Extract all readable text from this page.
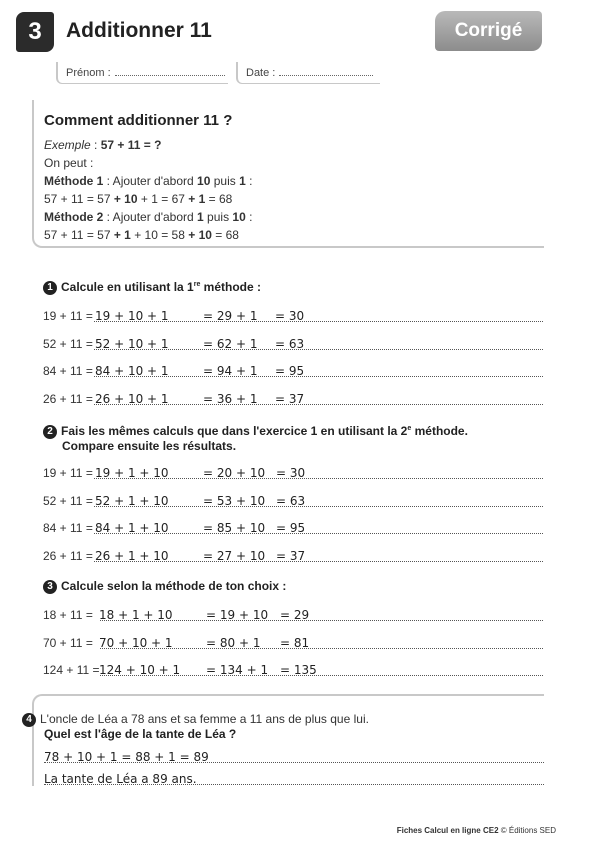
3 Additionner 11	Corrigé
Prénom :	Date :
Comment additionner 11 ?
Exemple : 57 + 11 = ?
On peut :
Méthode 1 : Ajouter d'abord 10 puis 1 :
57 + 11 = 57 + 10 + 1 = 67 + 1 = 68
Méthode 2 : Ajouter d'abord 1 puis 10 :
57 + 11 = 57 + 1 + 10 = 58 + 10 = 68
1 Calcule en utilisant la 1re méthode :
19 + 11 = 19 + 10 + 1	= 29 + 1 = 30
52 + 11 = 52 + 10 + 1	= 62 + 1 = 63
84 + 11 = 84 + 10 + 1	= 94 + 1 = 95
26 + 11 = 26 + 10 + 1	= 36 + 1 = 37
2 Fais les mêmes calculs que dans l'exercice 1 en utilisant la 2e méthode.
Compare ensuite les résultats.
19 + 11 = 19 + 1 + 10	= 20 + 10 = 30
52 + 11 = 52 + 1 + 10	= 53 + 10 = 63
84 + 11 = 84 + 1 + 10	= 85 + 10 = 95
26 + 11 = 26 + 1 + 10	= 27 + 10 = 37
3 Calcule selon la méthode de ton choix :
18 + 11 = 18 + 1 + 10	= 19 + 10 = 29
70 + 11 = 70 + 10 + 1	= 80 + 1 = 81
124 + 11 = 124 + 10 + 1 = 134 + 1 = 135
4 L'oncle de Léa a 78 ans et sa femme a 11 ans de plus que lui.
Quel est l'âge de la tante de Léa ?
78 + 10 + 1 = 88 + 1 = 89
La tante de Léa a 89 ans.
Fiches Calcul en ligne CE2 © Éditions SED
